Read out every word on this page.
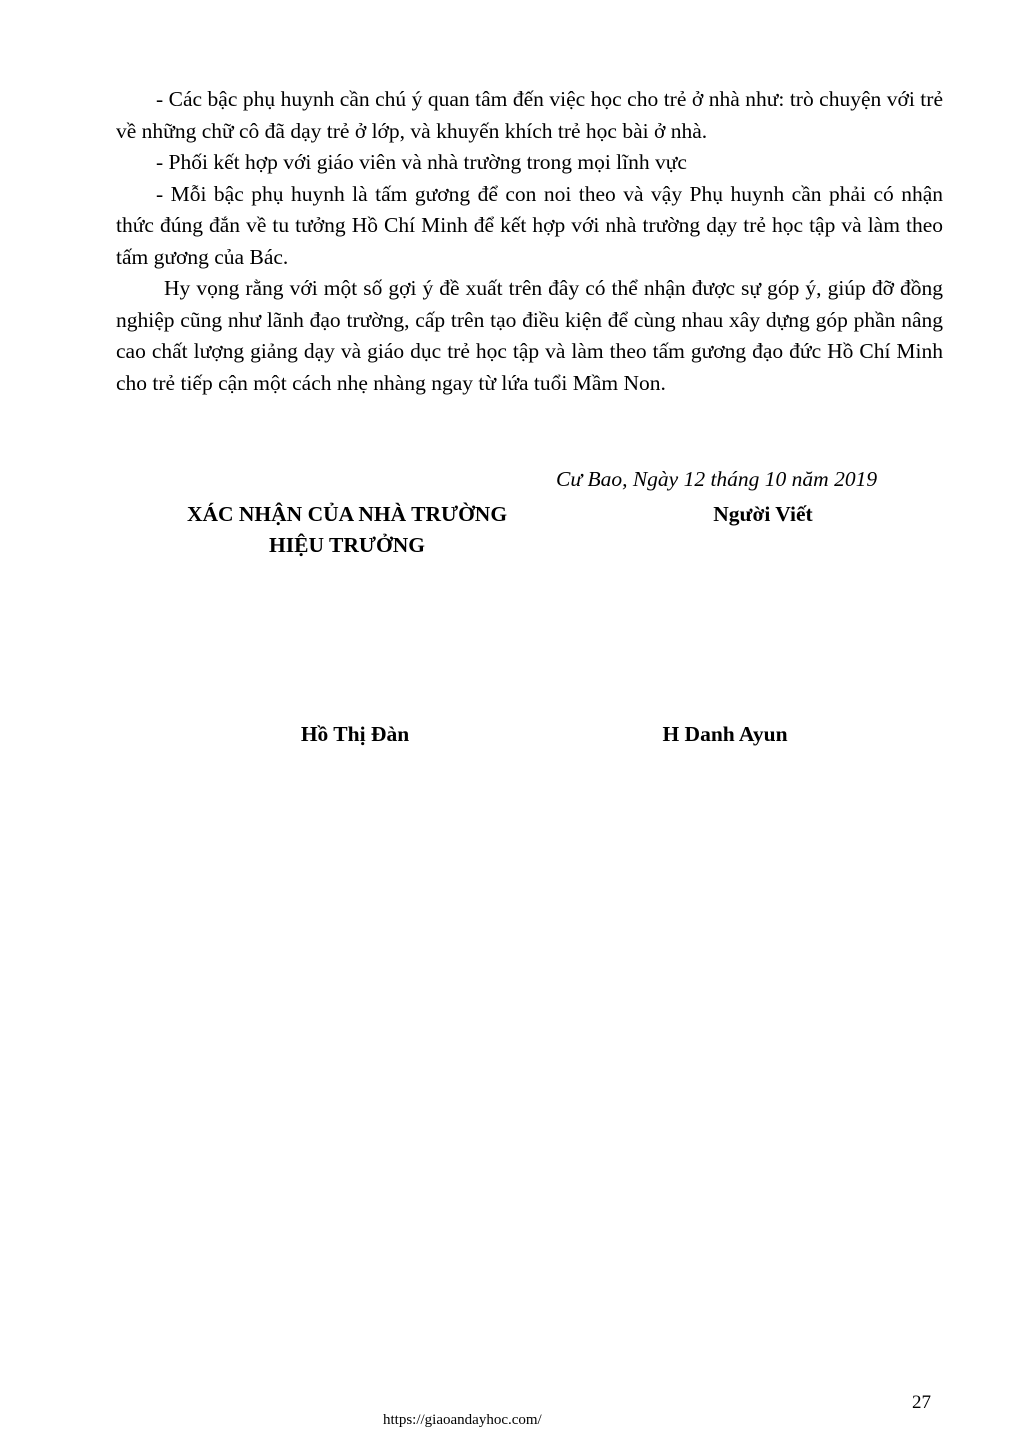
- Các bậc phụ huynh cần chú ý quan tâm đến việc học cho trẻ ở nhà như: trò chuyện với trẻ về những chữ cô đã dạy trẻ ở lớp, và khuyến khích trẻ học bài ở nhà.

- Phối kết hợp với giáo viên và nhà trường trong mọi lĩnh vực

- Mỗi bậc phụ huynh là tấm gương để con noi theo và vậy Phụ huynh cần phải có nhận thức đúng đắn về tu tưởng Hồ Chí Minh để kết hợp với nhà trường dạy trẻ học tập và làm theo tấm gương của Bác.

Hy vọng rằng với một số gợi ý đề xuất trên đây có thể nhận được sự góp ý, giúp đỡ đồng nghiệp cũng như lãnh đạo trường, cấp trên tạo điều kiện để cùng nhau xây dựng góp phần nâng cao chất lượng giảng dạy và giáo dục trẻ học tập và làm theo tấm gương đạo đức Hồ Chí Minh cho trẻ tiếp cận một cách nhẹ nhàng ngay từ lứa tuổi Mầm Non.

Cư Bao, Ngày 12 tháng 10 năm 2019
XÁC NHẬN CỦA NHÀ TRƯỜNG
HIỆU TRƯỞNG
Người Viết
Hồ Thị Đàn	H Danh Ayun
27
https://giaoandayhoc.com/
